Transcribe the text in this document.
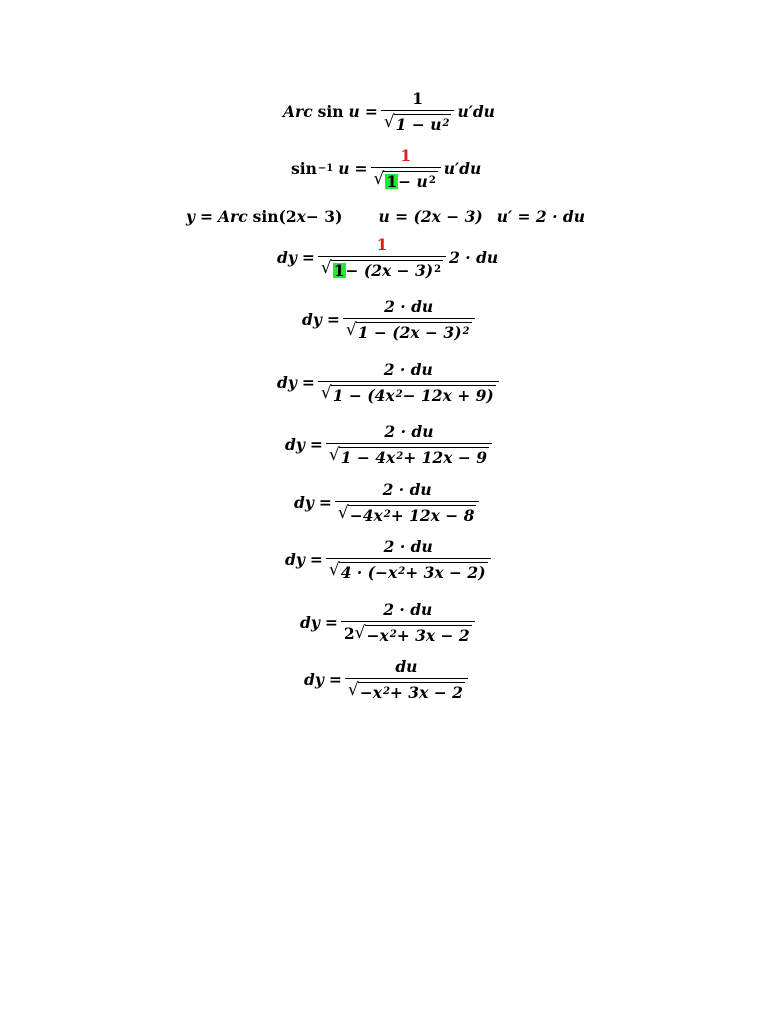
Arc $\sin u = \frac{1}{√ 1 - u 2} u'du$
sin −1 $u = \frac{1}{√ 1 - u 2} u'du$
y = Arc sin(2 x − 3) u = (2x − 3) u′ = 2 · du
dy = $\frac{1}{√ 1 - (2x - 3) 2} 2$ · du
dy = $\frac{2 \cdot du}{√ 1 - (2x - 3) 2}$
dy = $\frac{2 \cdot du}{√ 1 - (4x 2 - 12x + 9)}$
dy = $\frac{2 \cdot du}{√ 1 - 4x 2 + 12x - 9}$
dy = $\frac{2 \cdot du}{√ -4x 2 + 12x - 8}$
dy = $\frac{2 \cdot du}{√ 4 \cdot (-x 2 + 3x - 2)}$
dy = $\frac{2 \cdot du}{2 √ -x 2 + 3x - 2}$
dy = $\frac{du}{√ -x 2 + 3x - 2}$
